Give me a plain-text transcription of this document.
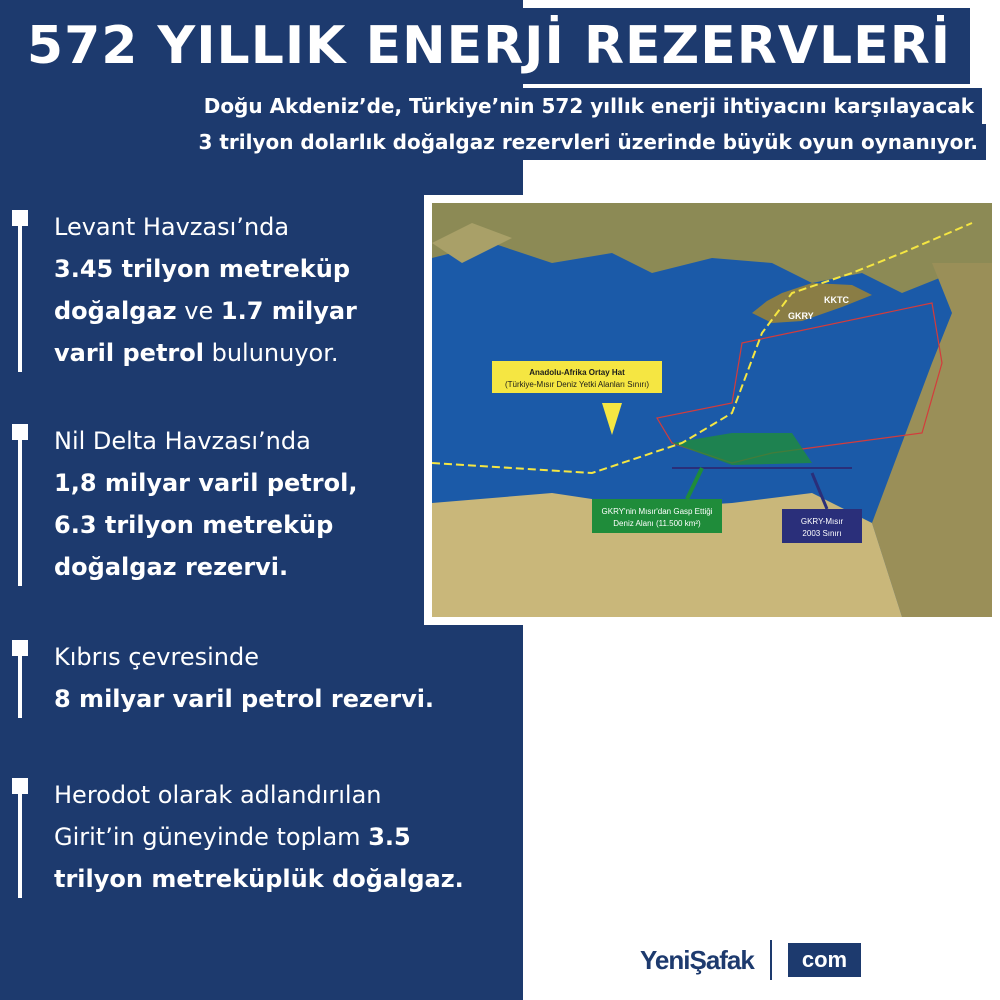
572 YILLIK ENERJİ REZERVLERİ
Doğu Akdeniz’de, Türkiye’nin 572 yıllık enerji ihtiyacını karşılayacak
3 trilyon dolarlık doğalgaz rezervleri üzerinde büyük oyun oynanıyor.
Levant Havzası’nda
3.45 trilyon metreküp
doğalgaz ve 1.7 milyar
varil petrol bulunuyor.
Nil Delta Havzası’nda
1,8 milyar varil petrol,
6.3 trilyon metreküp
doğalgaz rezervi.
Kıbrıs çevresinde
8 milyar varil petrol rezervi.
Herodot olarak adlandırılan
Girit’in güneyinde toplam 3.5
trilyon metreküplük doğalgaz.
KKTC
GKRY
Anadolu-Afrika Ortay Hat
(Türkiye-Mısır Deniz Yetki Alanları Sınırı)
GKRY'nin Mısır'dan Gasp Ettiği
Deniz Alanı (11.500 km²)	GKRY-Mısır
2003 Sınırı
YeniŞafak	com
